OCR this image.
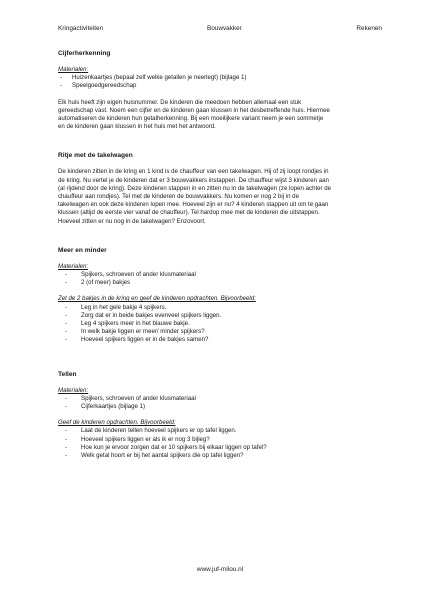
Kringactiviteiten	Bouwvakker	Rekenen

Cijferherkenning

Materialen:

- Huizenkaartjes (bepaal zelf welke getallen je neerlegt) (bijlage 1)
- Speelgoedgereedschap

Elk huis heeft zijn eigen huisnummer. De kinderen die meedoen hebben allemaal een stuk
gereedschap vast. Noem een cijfer en de kinderen gaan klussen in het desbetreffende huis. Hiermee
automatiseren de kinderen hun getalherkenning. Bij een moeilijkere variant neem je een sommetje
en de kinderen gaan klussen in het huis met het antwoord.

Ritje met de takelwagen

De kinderen zitten in de kring en 1 kind is de chauffeur van een takelwagen. Hij of zij loopt rondjes in
de kring. Nu vertel je de kinderen dat er 3 bouwvakkers instappen. De chauffeur wijst 3 kinderen aan
(al rijdend door de kring). Deze kinderen stappen in en zitten nu in de takelwagen (ze lopen achter de
chauffeur aan rondjes). Tel met de kinderen de bouwvakkers. Nu komen er nog 2 bij in de
takelwagen en ook deze kinderen lopen mee. Hoeveel zijn er nu? 4 kinderen stappen uit om te gaan
klussen (altijd de eerste vier vanaf de chauffeur). Tel hardop mee met de kinderen die uitstappen.
Hoeveel zitten er nu nog in de takelwagen? Enzovoort.

Meer en minder

Materialen:

- Spijkers, schroeven of ander klusmateriaal
- 2 (of meer) bakjes

Zet de 2 bakjes in de kring en geef de kinderen opdrachten. Bijvoorbeeld:

- Leg in het gele bakje 4 spijkers.
- Zorg dat er in beide bakjes evenveel spijkers liggen.
- Leg 4 spijkers meer in het blauwe bakje.
- In welk bakje liggen er meer/ minder spijkers?
- Hoeveel spijkers liggen er in de bakjes samen?

Tellen

Materialen:

- Spijkers, schroeven of ander klusmateriaal
- Cijferkaartjes (bijlage 1)

Geef de kinderen opdrachten. Bijvoorbeeld:

- Laat de kinderen tellen hoeveel spijkers er op tafel liggen.
- Hoeveel spijkers liggen er als ik er nog 3 bijleg?
- Hoe kun je ervoor zorgen dat er 10 spijkers bij elkaar liggen op tafel?
- Welk getal hoort er bij het aantal spijkers die op tafel liggen?
www.juf-milou.nl
